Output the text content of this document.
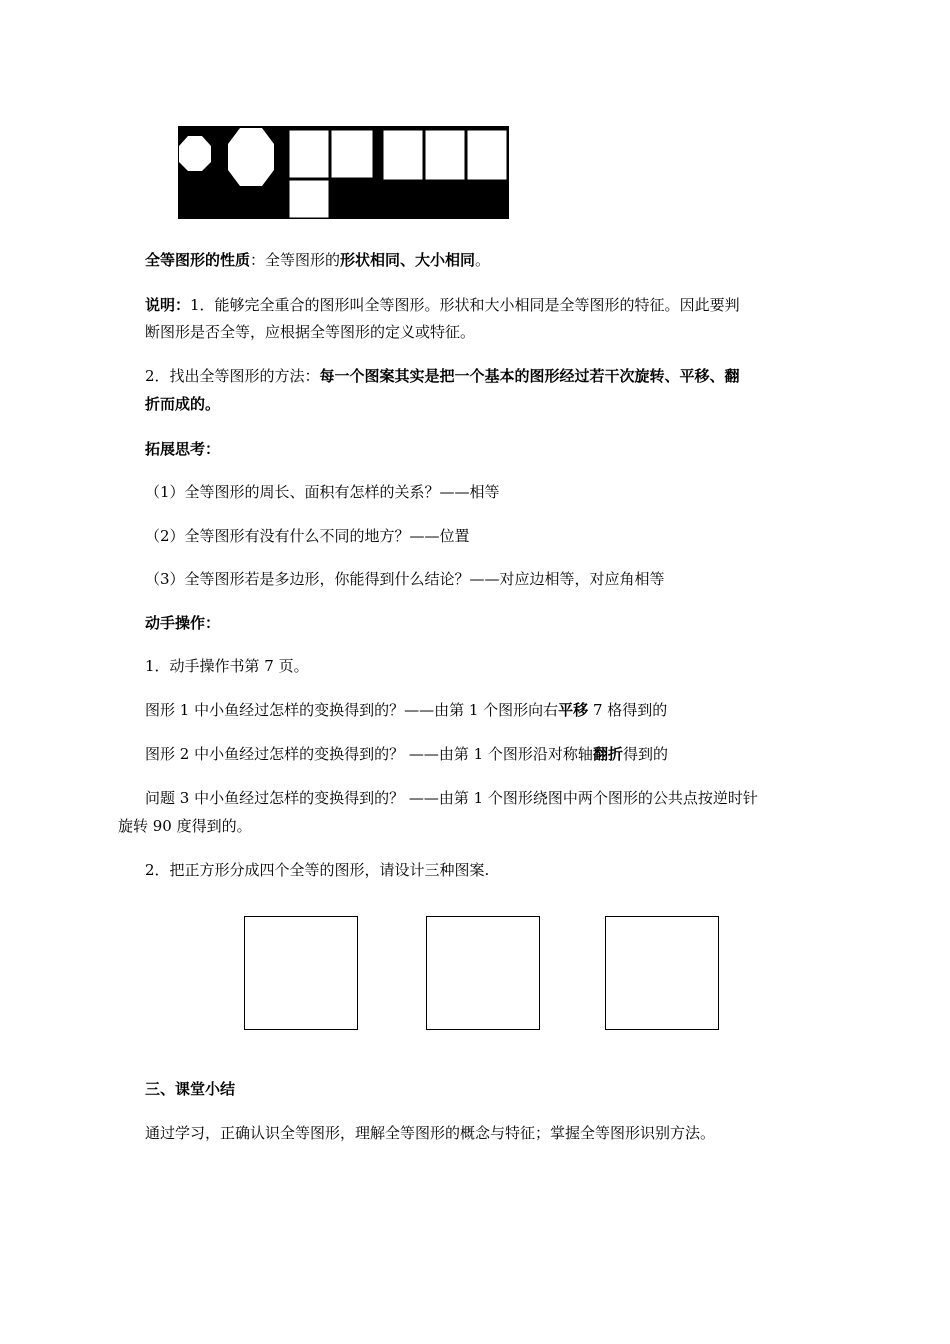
全等图形的性质：全等图形的形状相同、大小相同。
说明：1．能够完全重合的图形叫全等图形。形状和大小相同是全等图形的特征。因此要判
断图形是否全等，应根据全等图形的定义或特征。
2．找出全等图形的方法：每一个图案其实是把一个基本的图形经过若干次旋转、平移、翻
折而成的。
拓展思考：
（1）全等图形的周长、面积有怎样的关系？——相等
（2）全等图形有没有什么不同的地方？——位置
（3）全等图形若是多边形，你能得到什么结论？——对应边相等，对应角相等
动手操作：
1．动手操作书第 7 页。
图形 1 中小鱼经过怎样的变换得到的？——由第 1 个图形向右平移 7 格得到的
图形 2 中小鱼经过怎样的变换得到的？ ——由第 1 个图形沿对称轴翻折得到的
问题 3 中小鱼经过怎样的变换得到的？ ——由第 1 个图形绕图中两个图形的公共点按逆时针
旋转 90 度得到的。
2．把正方形分成四个全等的图形，请设计三种图案.
三、课堂小结
通过学习，正确认识全等图形，理解全等图形的概念与特征；掌握全等图形识别方法。
